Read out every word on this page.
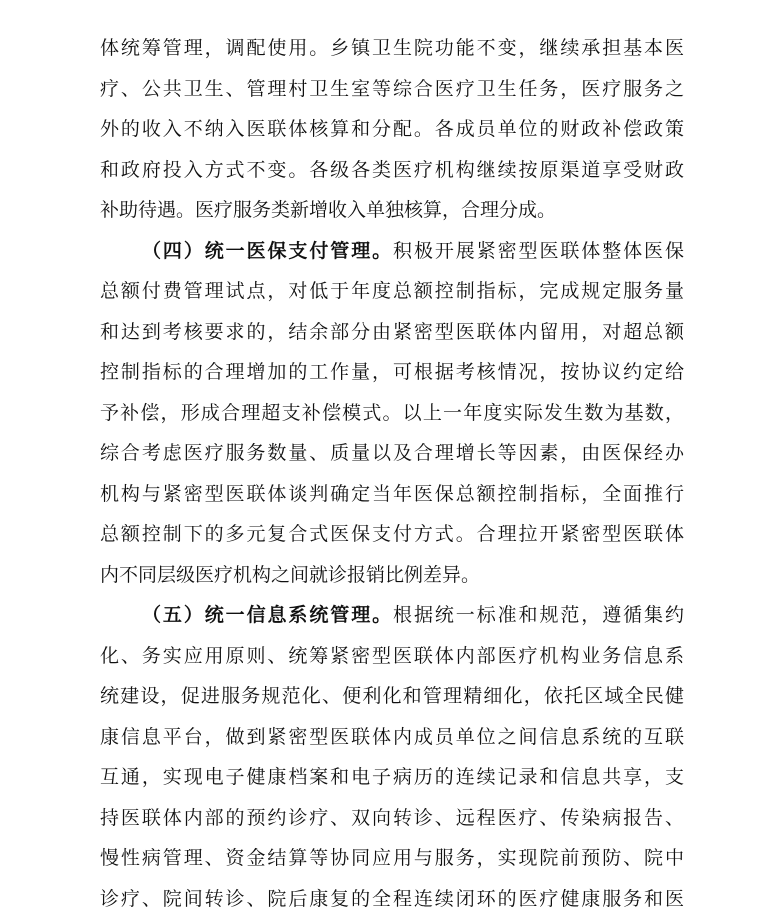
体统筹管理，调配使用。乡镇卫生院功能不变，继续承担基本医
疗、公共卫生、管理村卫生室等综合医疗卫生任务，医疗服务之
外的收入不纳入医联体核算和分配。各成员单位的财政补偿政策
和政府投入方式不变。各级各类医疗机构继续按原渠道享受财政
补助待遇。医疗服务类新增收入单独核算，合理分成。
（四）统一医保支付管理。积极开展紧密型医联体整体医保
总额付费管理试点，对低于年度总额控制指标，完成规定服务量
和达到考核要求的，结余部分由紧密型医联体内留用，对超总额
控制指标的合理增加的工作量，可根据考核情况，按协议约定给
予补偿，形成合理超支补偿模式。以上一年度实际发生数为基数，
综合考虑医疗服务数量、质量以及合理增长等因素，由医保经办
机构与紧密型医联体谈判确定当年医保总额控制指标，全面推行
总额控制下的多元复合式医保支付方式。合理拉开紧密型医联体
内不同层级医疗机构之间就诊报销比例差异。
（五）统一信息系统管理。根据统一标准和规范，遵循集约
化、务实应用原则、统筹紧密型医联体内部医疗机构业务信息系
统建设，促进服务规范化、便利化和管理精细化，依托区域全民健
康信息平台，做到紧密型医联体内成员单位之间信息系统的互联
互通，实现电子健康档案和电子病历的连续记录和信息共享，支
持医联体内部的预约诊疗、双向转诊、远程医疗、传染病报告、
慢性病管理、资金结算等协同应用与服务，实现院前预防、院中
诊疗、院间转诊、院后康复的全程连续闭环的医疗健康服务和医
